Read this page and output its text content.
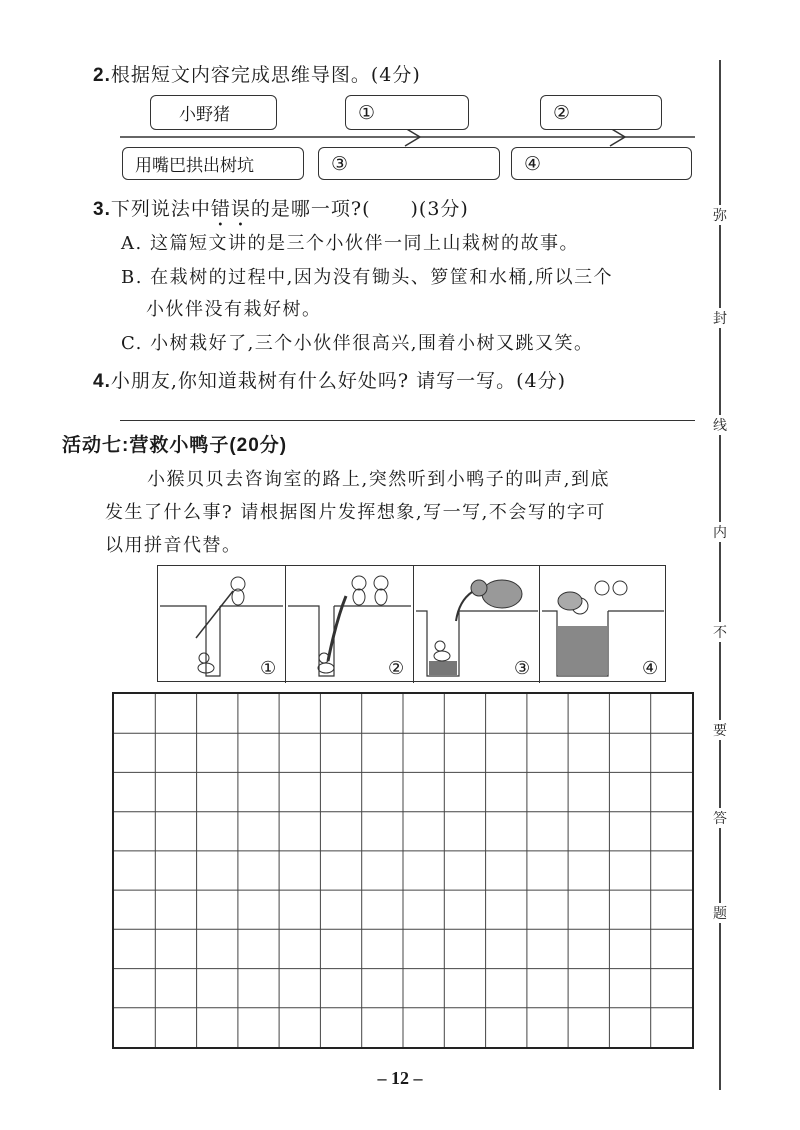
2.根据短文内容完成思维导图。(4分)
小野猪	①	②
用嘴巴拱出树坑	③	④
3.下列说法中错误的是哪一项?(　　)(3分)
A. 这篇短文讲的是三个小伙伴一同上山栽树的故事。
B. 在栽树的过程中,因为没有锄头、箩筐和水桶,所以三个
小伙伴没有栽好树。
C. 小树栽好了,三个小伙伴很高兴,围着小树又跳又笑。
4.小朋友,你知道栽树有什么好处吗? 请写一写。(4分)
活动七:营救小鸭子(20分)
小猴贝贝去咨询室的路上,突然听到小鸭子的叫声,到底
发生了什么事? 请根据图片发挥想象,写一写,不会写的字可
以用拼音代替。
①	②	③	④
– 12 –
弥
封
线
内
不
要
答
题
